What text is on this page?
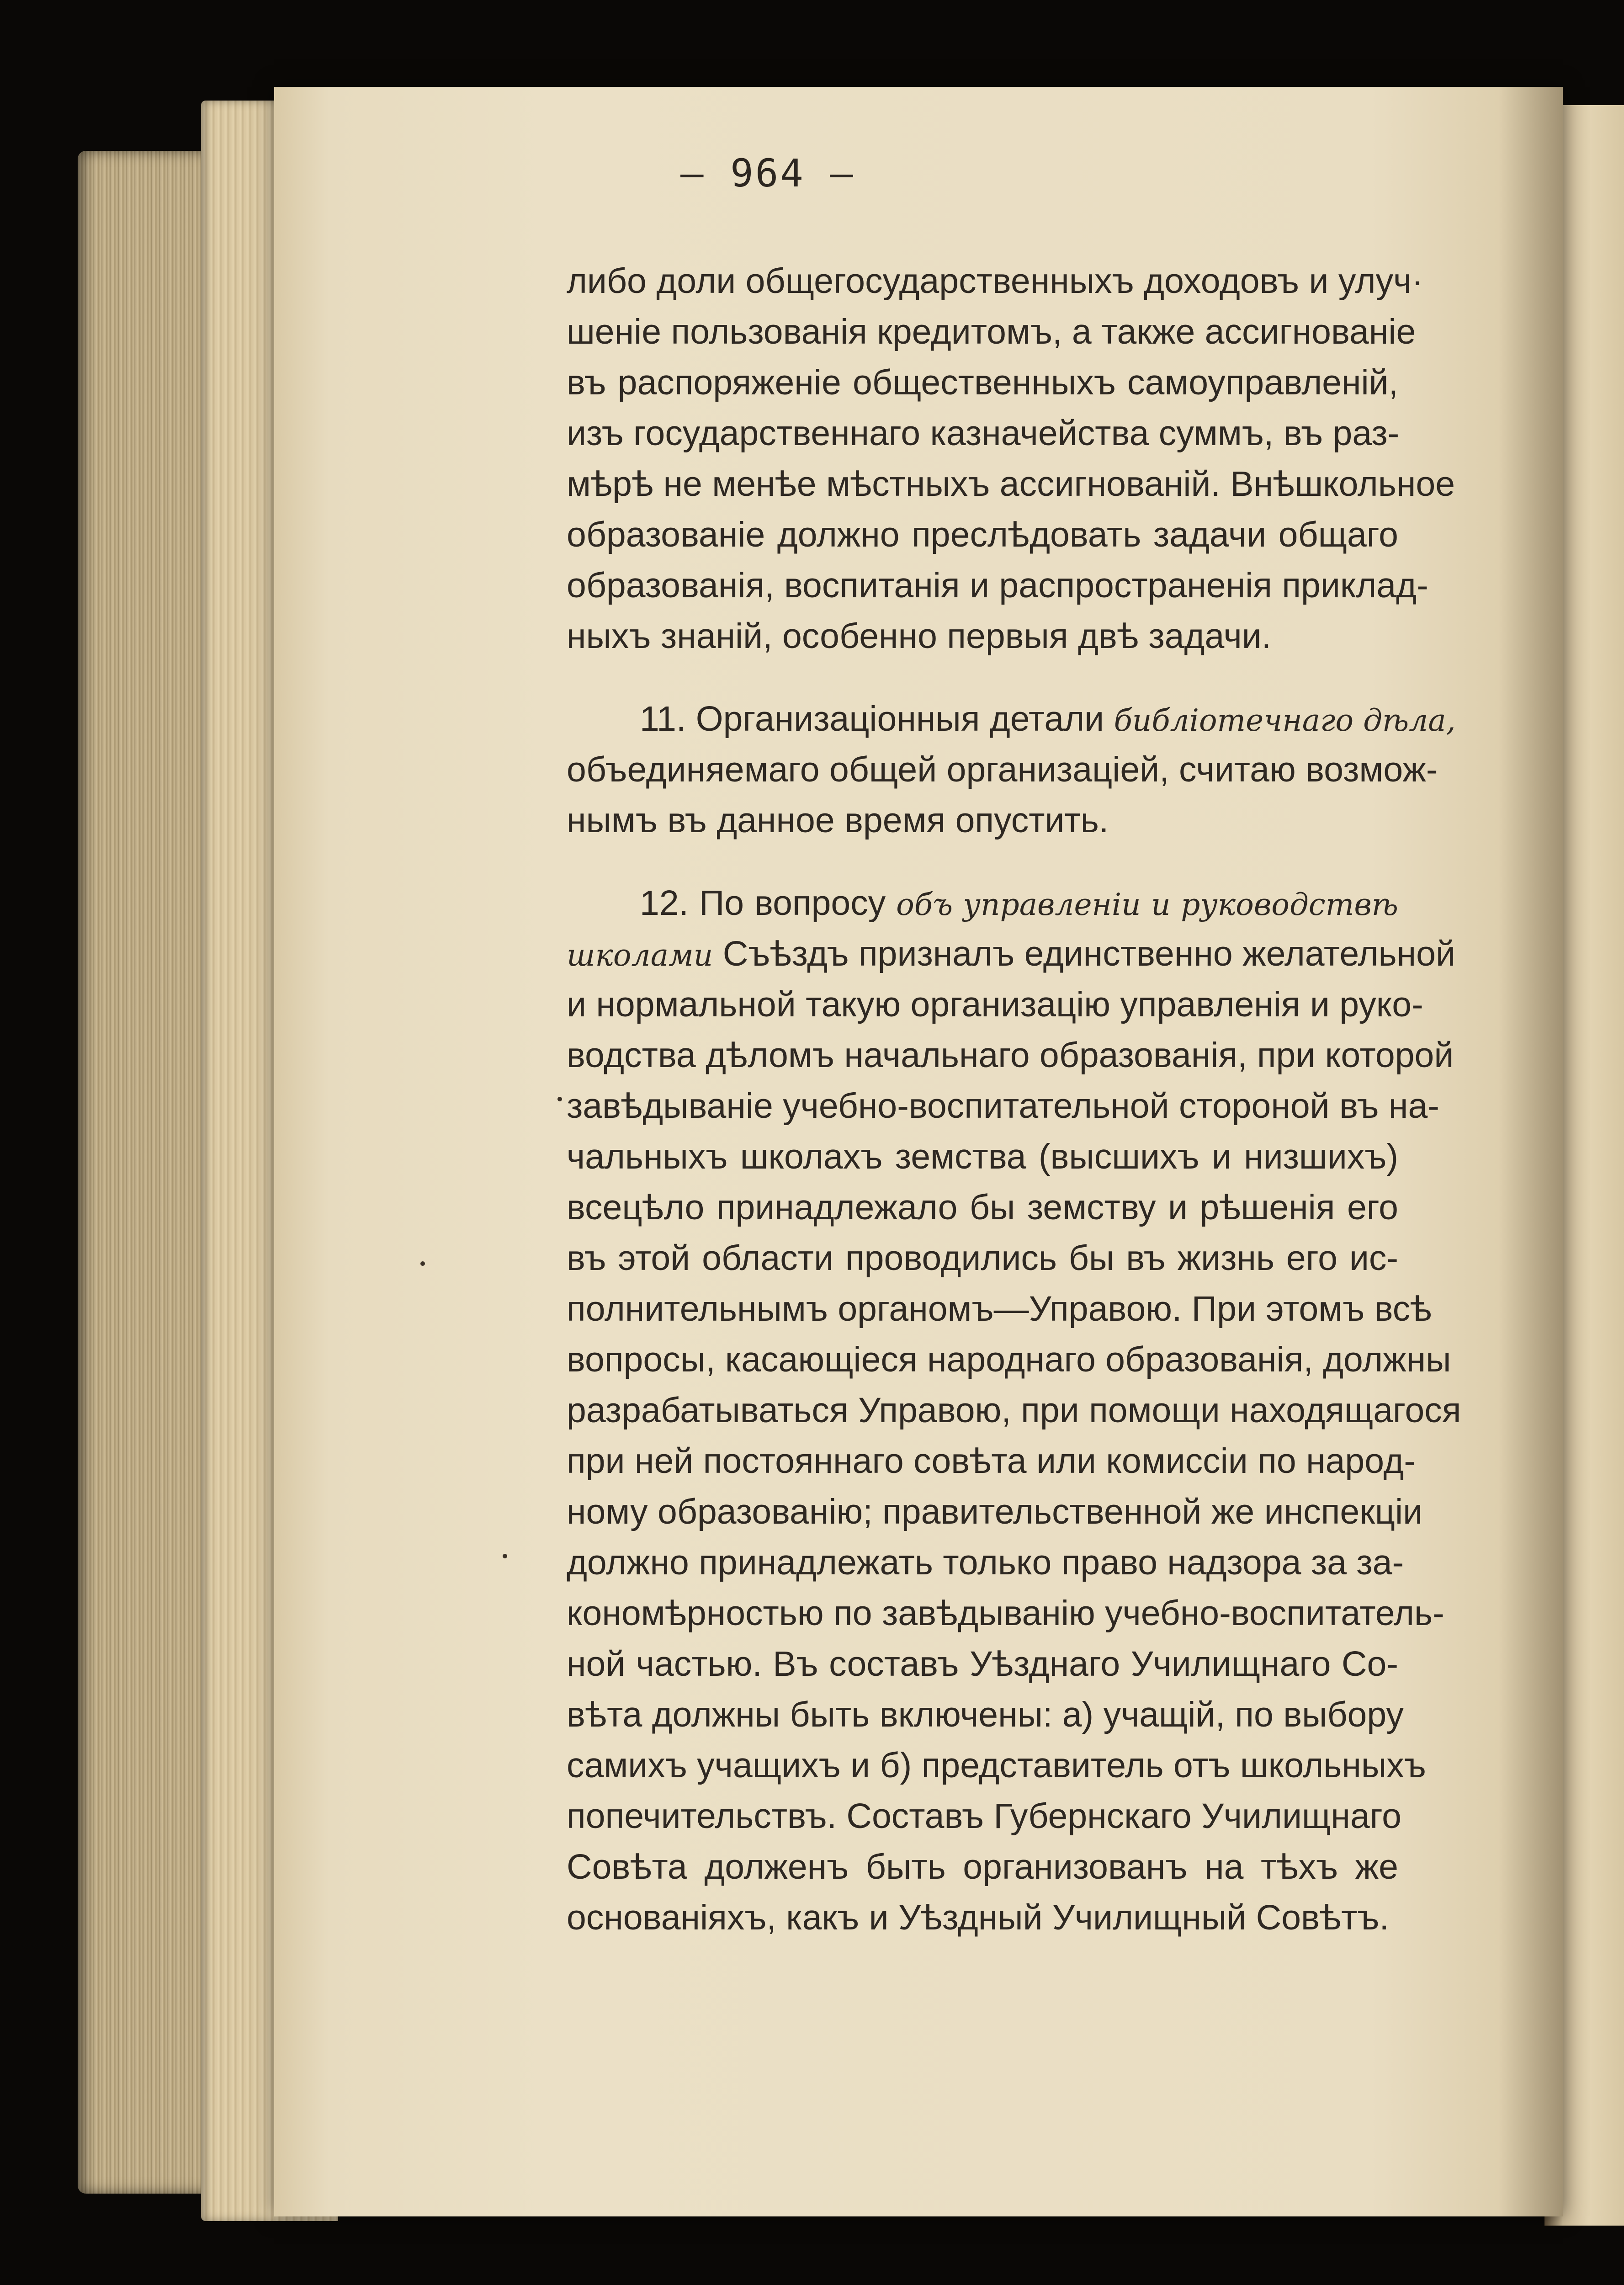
— 964 —
либо доли общегосударственныхъ доходовъ и улуч·
шеніе пользованія кредитомъ, а также ассигнованіе
въ распоряженіе общественныхъ самоуправленій,
изъ государственнаго казначейства суммъ, въ раз-
мѣрѣ не менѣе мѣстныхъ ассигнованій. Внѣшкольное
образованіе должно преслѣдовать задачи общаго
образованія, воспитанія и распространенія приклад-
ныхъ знаній, особенно первыя двѣ задачи.
11. Организаціонныя детали библіотечнаго дѣла,
объединяемаго общей организаціей, считаю возмож-
нымъ въ данное время опустить.
12. По вопросу объ управленіи и руководствѣ
школами Съѣздъ призналъ единственно желательной
и нормальной такую организацію управленія и руко-
водства дѣломъ начальнаго образованія, при которой
завѣдываніе учебно-воспитательной стороной въ на-
чальныхъ школахъ земства (высшихъ и низшихъ)
всецѣло принадлежало бы земству и рѣшенія его
въ этой области проводились бы въ жизнь его ис-
полнительнымъ органомъ—Управою. При этомъ всѣ
вопросы, касающіеся народнаго образованія, должны
разрабатываться Управою, при помощи находящагося
при ней постояннаго совѣта или комиссіи по народ-
ному образованію; правительственной же инспекціи
должно принадлежать только право надзора за за-
кономѣрностью по завѣдыванію учебно-воспитатель-
ной частью. Въ составъ Уѣзднаго Училищнаго Со-
вѣта должны быть включены: а) учащій, по выбору
самихъ учащихъ и б) представитель отъ школьныхъ
попечительствъ. Составъ Губернскаго Училищнаго
Совѣта долженъ быть организованъ на тѣхъ же
основаніяхъ, какъ и Уѣздный Училищный Совѣтъ.
